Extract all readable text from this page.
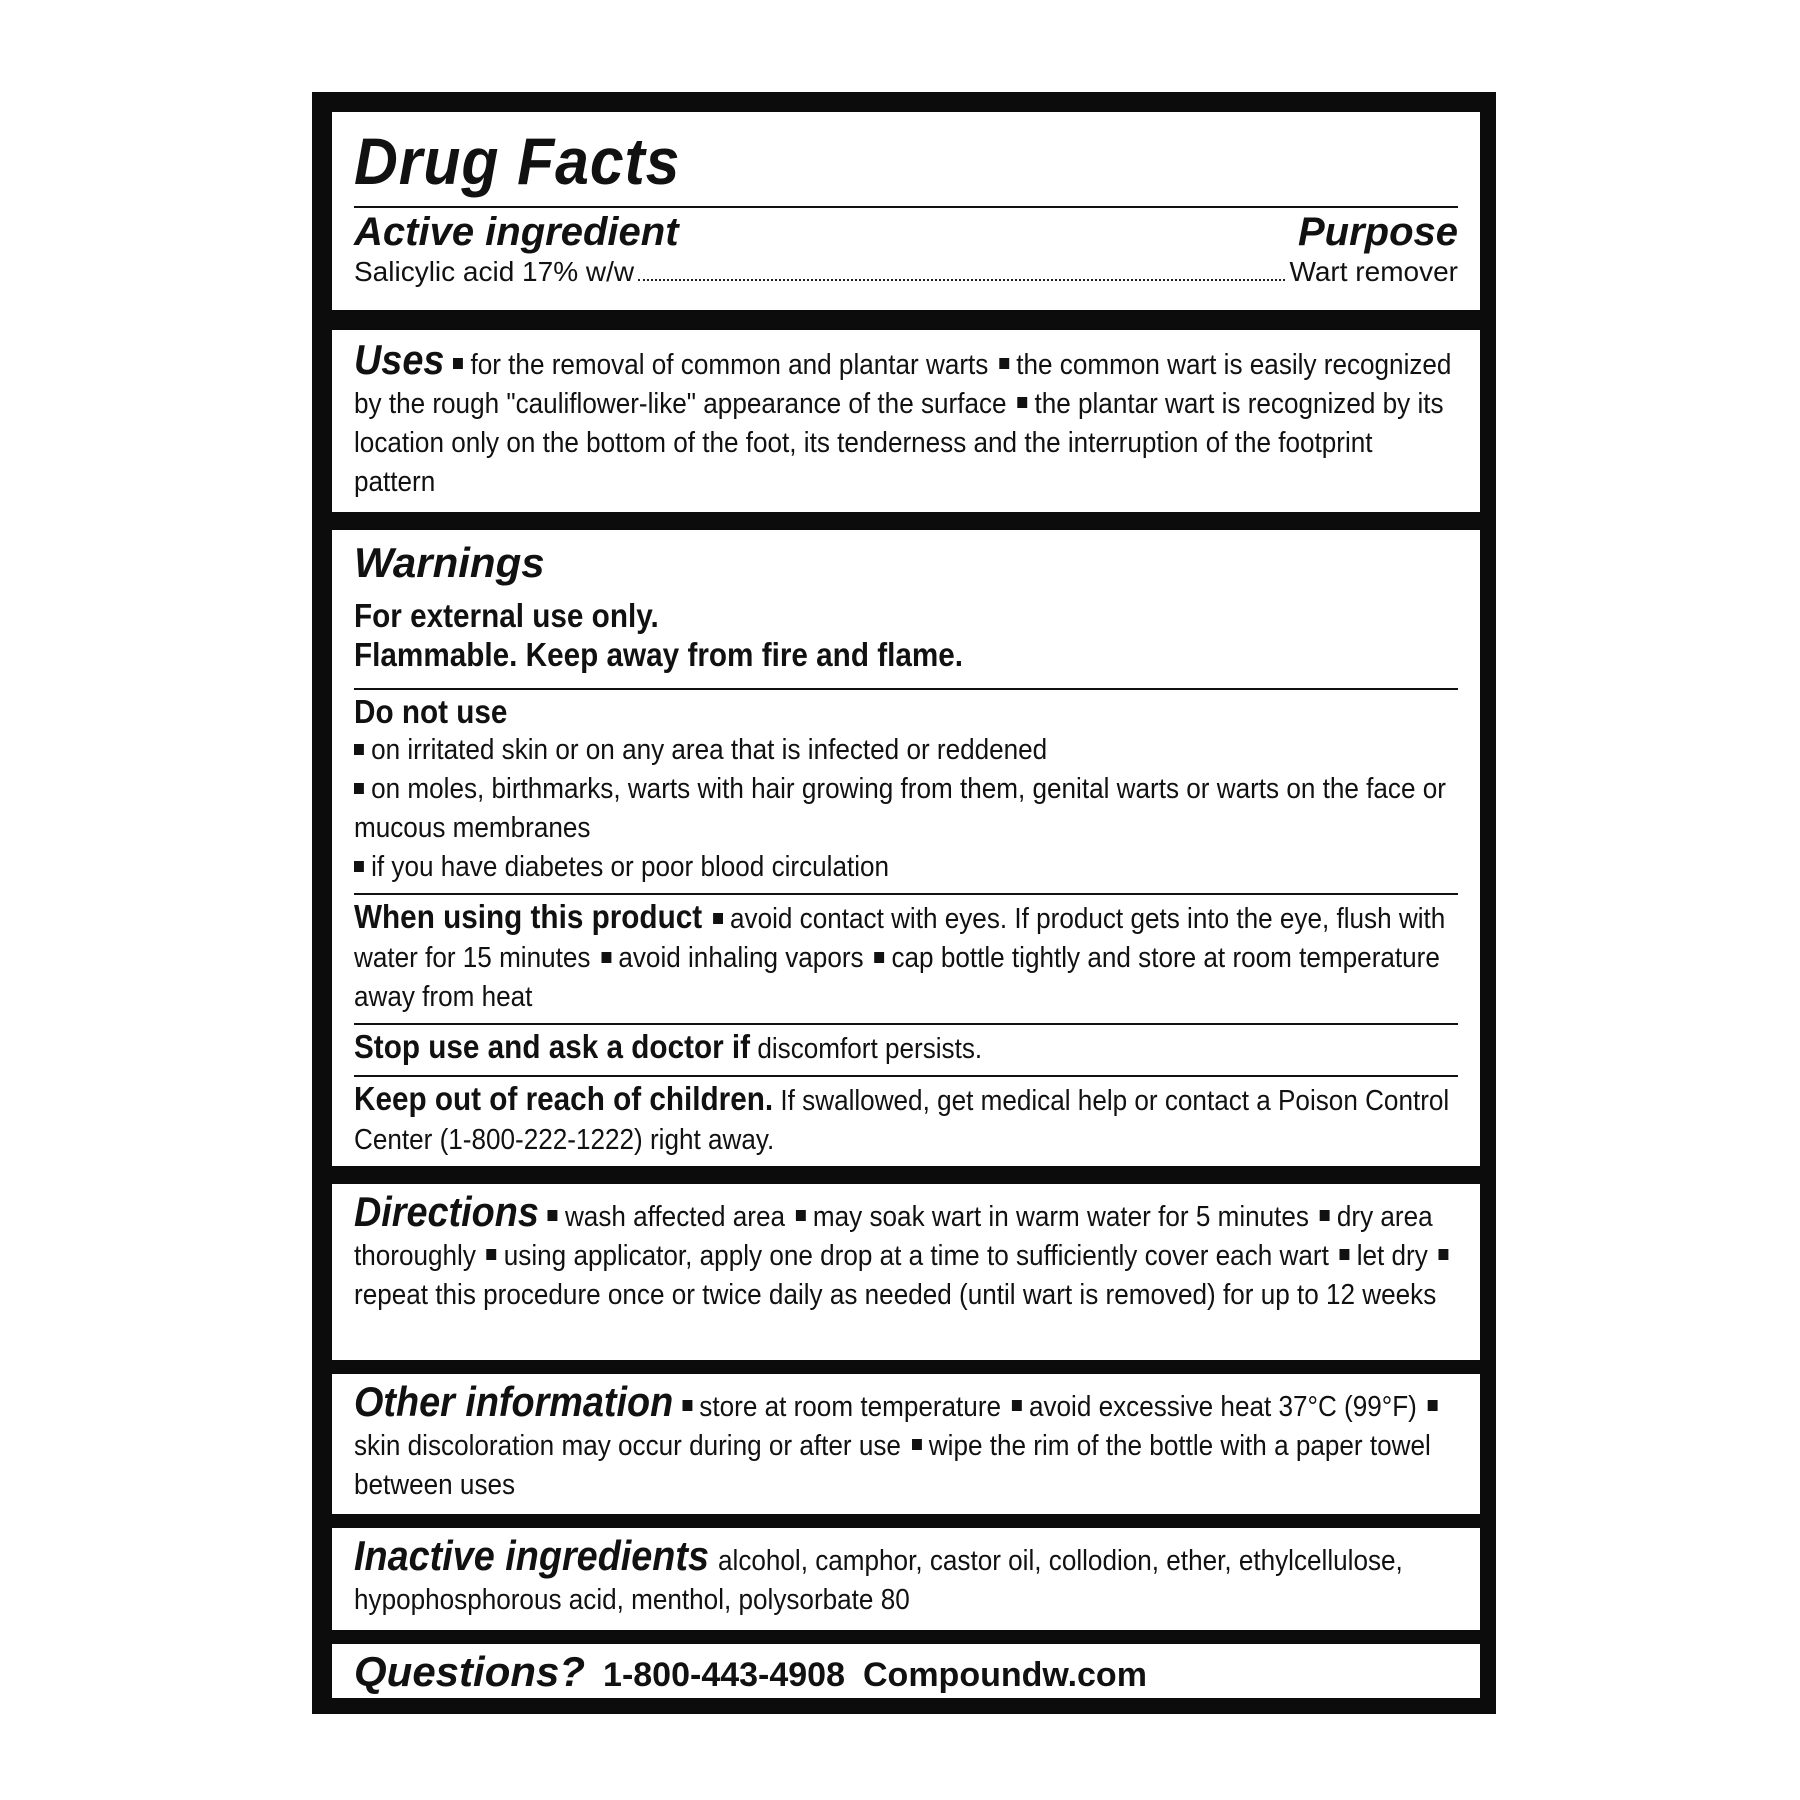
Drug Facts
Active ingredient	Purpose
Salicylic acid 17% w/w	Wart remover
Uses for the removal of common and plantar warts the common wart is easily recognized by the rough "cauliflower-like" appearance of the surface the plantar wart is recognized by its location only on the bottom of the foot, its tenderness and the interruption of the footprint pattern
Warnings
For external use only.
Flammable. Keep away from fire and flame.
Do not use
on irritated skin or on any area that is infected or reddened
on moles, birthmarks, warts with hair growing from them, genital warts or warts on the face or mucous membranes
if you have diabetes or poor blood circulation
When using this product avoid contact with eyes. If product gets into the eye, flush with water for 15 minutes avoid inhaling vapors cap bottle tightly and store at room temperature away from heat
Stop use and ask a doctor if discomfort persists.
Keep out of reach of children. If swallowed, get medical help or contact a Poison Control Center (1-800-222-1222) right away.
Directions wash affected area may soak wart in warm water for 5 minutes dry area thoroughly using applicator, apply one drop at a time to sufficiently cover each wart let dryrepeat this procedure once or twice daily as needed (until wart is removed) for up to 12 weeks
Other information store at room temperature avoid excessive heat 37°C (99°F)skin discoloration may occur during or after use wipe the rim of the bottle with a paper towel between uses
Inactive ingredients alcohol, camphor, castor oil, collodion, ether, ethylcellulose, hypophosphorous acid, menthol, polysorbate 80
Questions? 1-800-443-4908 Compoundw.com
